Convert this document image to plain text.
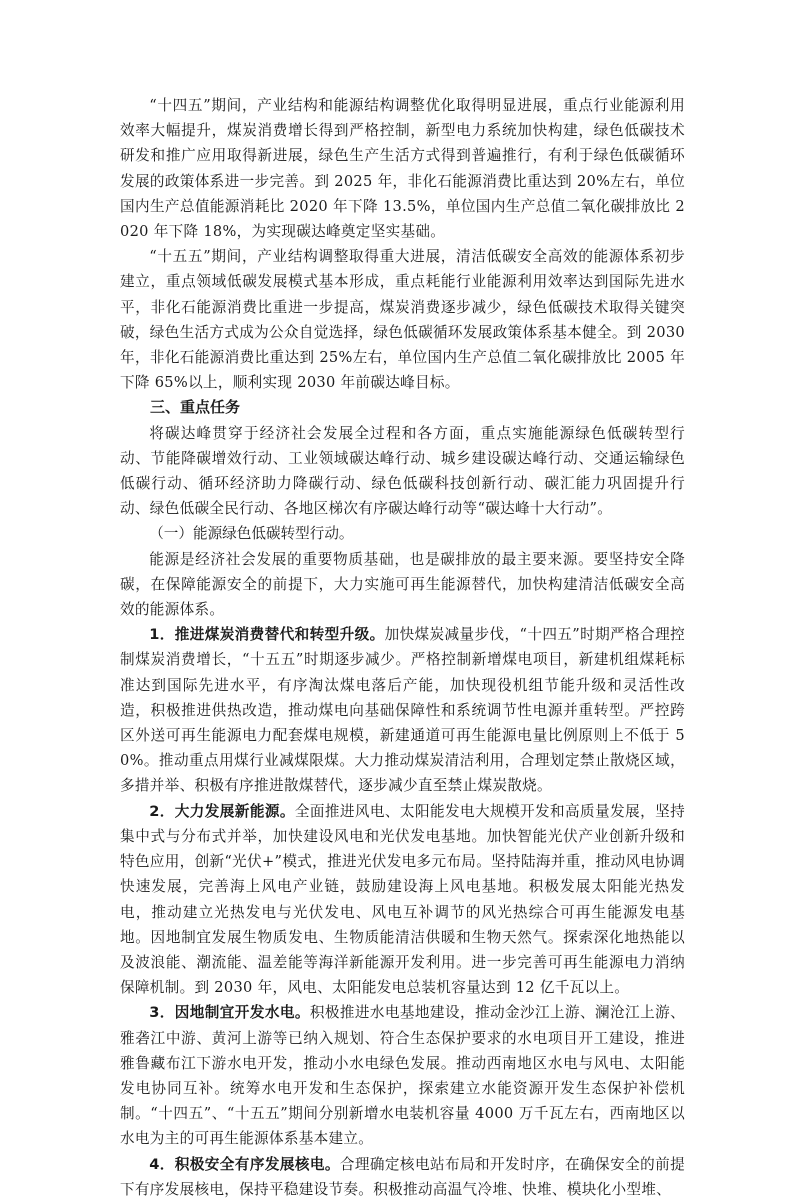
“十四五”期间，产业结构和能源结构调整优化取得明显进展，重点行业能源利用效率大幅提升，煤炭消费增长得到严格控制，新型电力系统加快构建，绿色低碳技术研发和推广应用取得新进展，绿色生产生活方式得到普遍推行，有利于绿色低碳循环发展的政策体系进一步完善。到 2025 年，非化石能源消费比重达到 20%左右，单位国内生产总值能源消耗比 2020 年下降 13.5%，单位国内生产总值二氧化碳排放比 2020 年下降 18%，为实现碳达峰奠定坚实基础。

“十五五”期间，产业结构调整取得重大进展，清洁低碳安全高效的能源体系初步建立，重点领域低碳发展模式基本形成，重点耗能行业能源利用效率达到国际先进水平，非化石能源消费比重进一步提高，煤炭消费逐步减少，绿色低碳技术取得关键突破，绿色生活方式成为公众自觉选择，绿色低碳循环发展政策体系基本健全。到 2030 年，非化石能源消费比重达到 25%左右，单位国内生产总值二氧化碳排放比 2005 年下降 65%以上，顺利实现 2030 年前碳达峰目标。

三、重点任务

将碳达峰贯穿于经济社会发展全过程和各方面，重点实施能源绿色低碳转型行动、节能降碳增效行动、工业领域碳达峰行动、城乡建设碳达峰行动、交通运输绿色低碳行动、循环经济助力降碳行动、绿色低碳科技创新行动、碳汇能力巩固提升行动、绿色低碳全民行动、各地区梯次有序碳达峰行动等“碳达峰十大行动”。

（一）能源绿色低碳转型行动。

能源是经济社会发展的重要物质基础，也是碳排放的最主要来源。要坚持安全降碳，在保障能源安全的前提下，大力实施可再生能源替代，加快构建清洁低碳安全高效的能源体系。

1．推进煤炭消费替代和转型升级。加快煤炭减量步伐，“十四五”时期严格合理控制煤炭消费增长，“十五五”时期逐步减少。严格控制新增煤电项目，新建机组煤耗标准达到国际先进水平，有序淘汰煤电落后产能，加快现役机组节能升级和灵活性改造，积极推进供热改造，推动煤电向基础保障性和系统调节性电源并重转型。严控跨区外送可再生能源电力配套煤电规模，新建通道可再生能源电量比例原则上不低于 50%。推动重点用煤行业减煤限煤。大力推动煤炭清洁利用，合理划定禁止散烧区域，多措并举、积极有序推进散煤替代，逐步减少直至禁止煤炭散烧。

2．大力发展新能源。全面推进风电、太阳能发电大规模开发和高质量发展，坚持集中式与分布式并举，加快建设风电和光伏发电基地。加快智能光伏产业创新升级和特色应用，创新“光伏+”模式，推进光伏发电多元布局。坚持陆海并重，推动风电协调快速发展，完善海上风电产业链，鼓励建设海上风电基地。积极发展太阳能光热发电，推动建立光热发电与光伏发电、风电互补调节的风光热综合可再生能源发电基地。因地制宜发展生物质发电、生物质能清洁供暖和生物天然气。探索深化地热能以及波浪能、潮流能、温差能等海洋新能源开发利用。进一步完善可再生能源电力消纳保障机制。到 2030 年，风电、太阳能发电总装机容量达到 12 亿千瓦以上。

3．因地制宜开发水电。积极推进水电基地建设，推动金沙江上游、澜沧江上游、雅砻江中游、黄河上游等已纳入规划、符合生态保护要求的水电项目开工建设，推进雅鲁藏布江下游水电开发，推动小水电绿色发展。推动西南地区水电与风电、太阳能发电协同互补。统筹水电开发和生态保护，探索建立水能资源开发生态保护补偿机制。“十四五”、“十五五”期间分别新增水电装机容量 4000 万千瓦左右，西南地区以水电为主的可再生能源体系基本建立。

4．积极安全有序发展核电。合理确定核电站布局和开发时序，在确保安全的前提下有序发展核电，保持平稳建设节奏。积极推动高温气冷堆、快堆、模块化小型堆、
